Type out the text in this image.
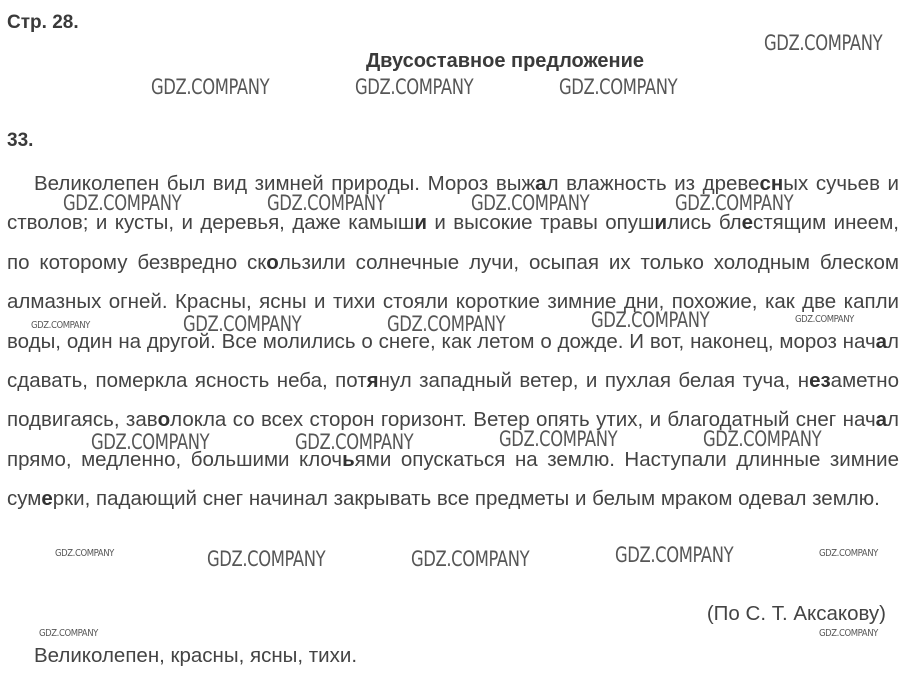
Стр. 28.
Двусоставное предложение
33.

Великолепен был вид зимней природы. Мороз выжал влажность из древесных сучьев и стволов; и кусты, и деревья, даже камыши и высокие травы опушились блестящим инеем, по которому безвредно скользили солнечные лучи, осыпая их только холодным блеском алмазных огней. Красны, ясны и тихи стояли короткие зимние дни, похожие, как две капли воды, один на другой. Все молились о снеге, как летом о дожде. И вот, наконец, мороз начал сдавать, померкла ясность неба, потянул западный ветер, и пухлая белая туча, незаметно подвигаясь, заволокла со всех сторон горизонт. Ветер опять утих, и благодатный снег начал прямо, медленно, большими клочьями опускаться на землю. Наступали длинные зимние сумерки, падающий снег начинал закрывать все предметы и белым мраком одевал землю.

(По С. Т. Аксакову)
Великолепен, красны, ясны, тихи.
GDZ.COMPANY
GDZ.COMPANY	GDZ.COMPANY	GDZ.COMPANY
GDZ.COMPANY	GDZ.COMPANY	GDZ.COMPANY	GDZ.COMPANY
GDZ.COMPANY	GDZ.COMPANY	GDZ.COMPANY	GDZ.COMPANY	GDZ.COMPANY
GDZ.COMPANY	GDZ.COMPANY	GDZ.COMPANY	GDZ.COMPANY
GDZ.COMPANY	GDZ.COMPANY	GDZ.COMPANY	GDZ.COMPANY	GDZ.COMPANY
GDZ.COMPANY	GDZ.COMPANY
